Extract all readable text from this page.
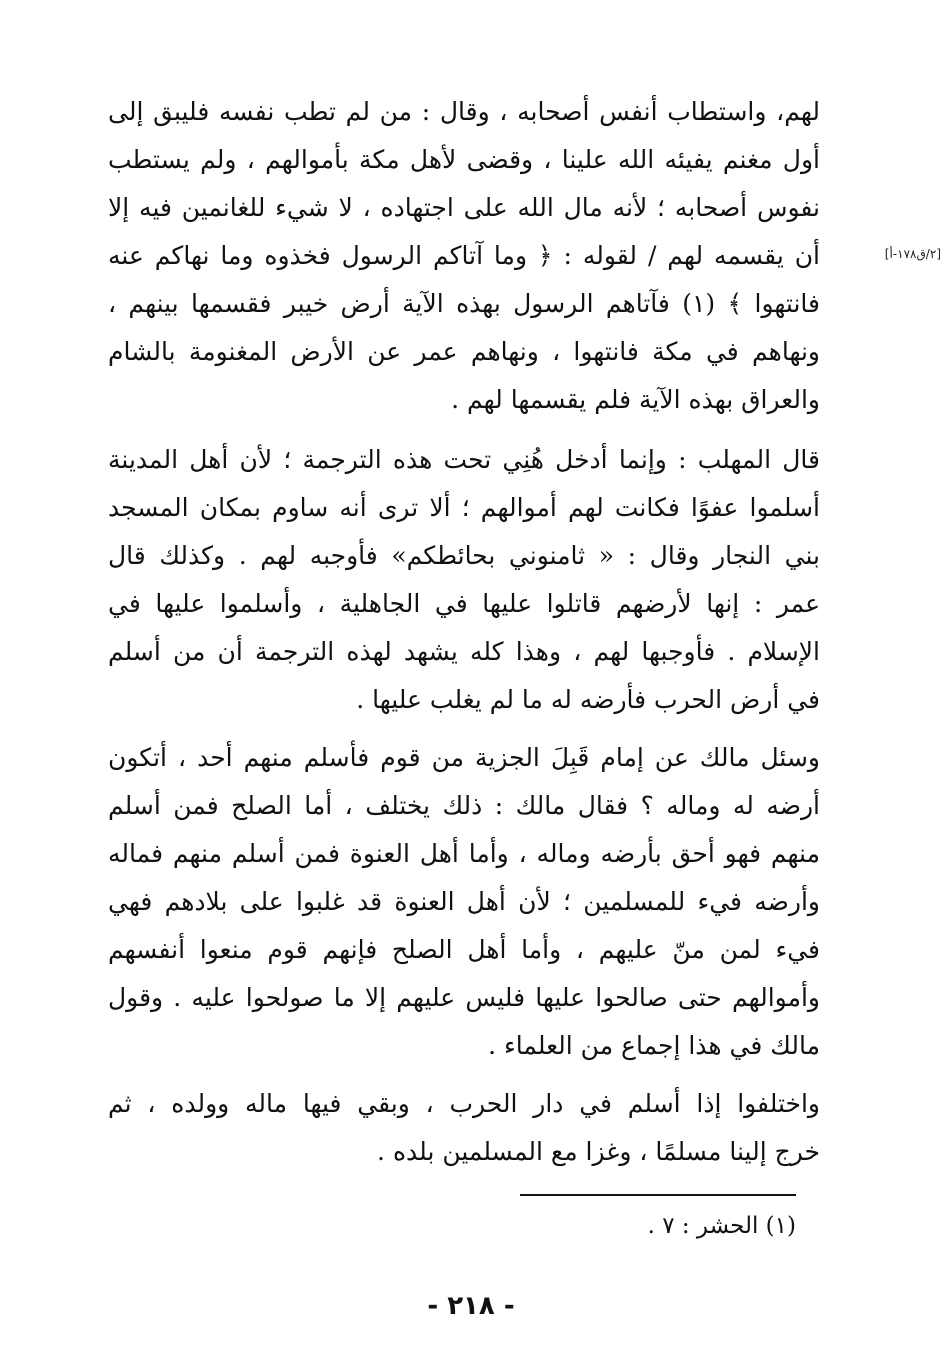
[٢/ق١٧٨-أ]
لهم، واستطاب أنفس أصحابه ، وقال : من لم تطب نفسه فليبق إلى
أول مغنم يفيئه الله علينا ، وقضى لأهل مكة بأموالهم ، ولم يستطب
نفوس أصحابه ؛ لأنه مال الله على اجتهاده ، لا شيء للغانمين فيه إلا
أن يقسمه لهم / لقوله : ﴿ وما آتاكم الرسول فخذوه وما نهاكم عنه
فانتهوا ﴾ (١) فآتاهم الرسول بهذه الآية أرض خيبر فقسمها بينهم ،
ونهاهم في مكة فانتهوا ، ونهاهم عمر عن الأرض المغنومة بالشام
والعراق بهذه الآية فلم يقسمها لهم .
قال المهلب : وإنما أدخل هُنِي تحت هذه الترجمة ؛ لأن أهل المدينة
أسلموا عفوًا فكانت لهم أموالهم ؛ ألا ترى أنه ساوم بمكان المسجد
بني النجار وقال : « ثامنوني بحائطكم» فأوجبه لهم . وكذلك قال
عمر : إنها لأرضهم قاتلوا عليها في الجاهلية ، وأسلموا عليها في
الإسلام . فأوجبها لهم ، وهذا كله يشهد لهذه الترجمة أن من أسلم
في أرض الحرب فأرضه له ما لم يغلب عليها .
وسئل مالك عن إمام قَبِلَ الجزية من قوم فأسلم منهم أحد ، أتكون
أرضه له وماله ؟ فقال مالك : ذلك يختلف ، أما الصلح فمن أسلم
منهم فهو أحق بأرضه وماله ، وأما أهل العنوة فمن أسلم منهم فماله
وأرضه فيء للمسلمين ؛ لأن أهل العنوة قد غلبوا على بلادهم فهي
فيء لمن منّ عليهم ، وأما أهل الصلح فإنهم قوم منعوا أنفسهم
وأموالهم حتى صالحوا عليها فليس عليهم إلا ما صولحوا عليه . وقول
مالك في هذا إجماع من العلماء .
واختلفوا إذا أسلم في دار الحرب ، وبقي فيها ماله وولده ، ثم
خرج إلينا مسلمًا ، وغزا مع المسلمين بلده .
(١) الحشر : ٧ .
- ٢١٨ -
